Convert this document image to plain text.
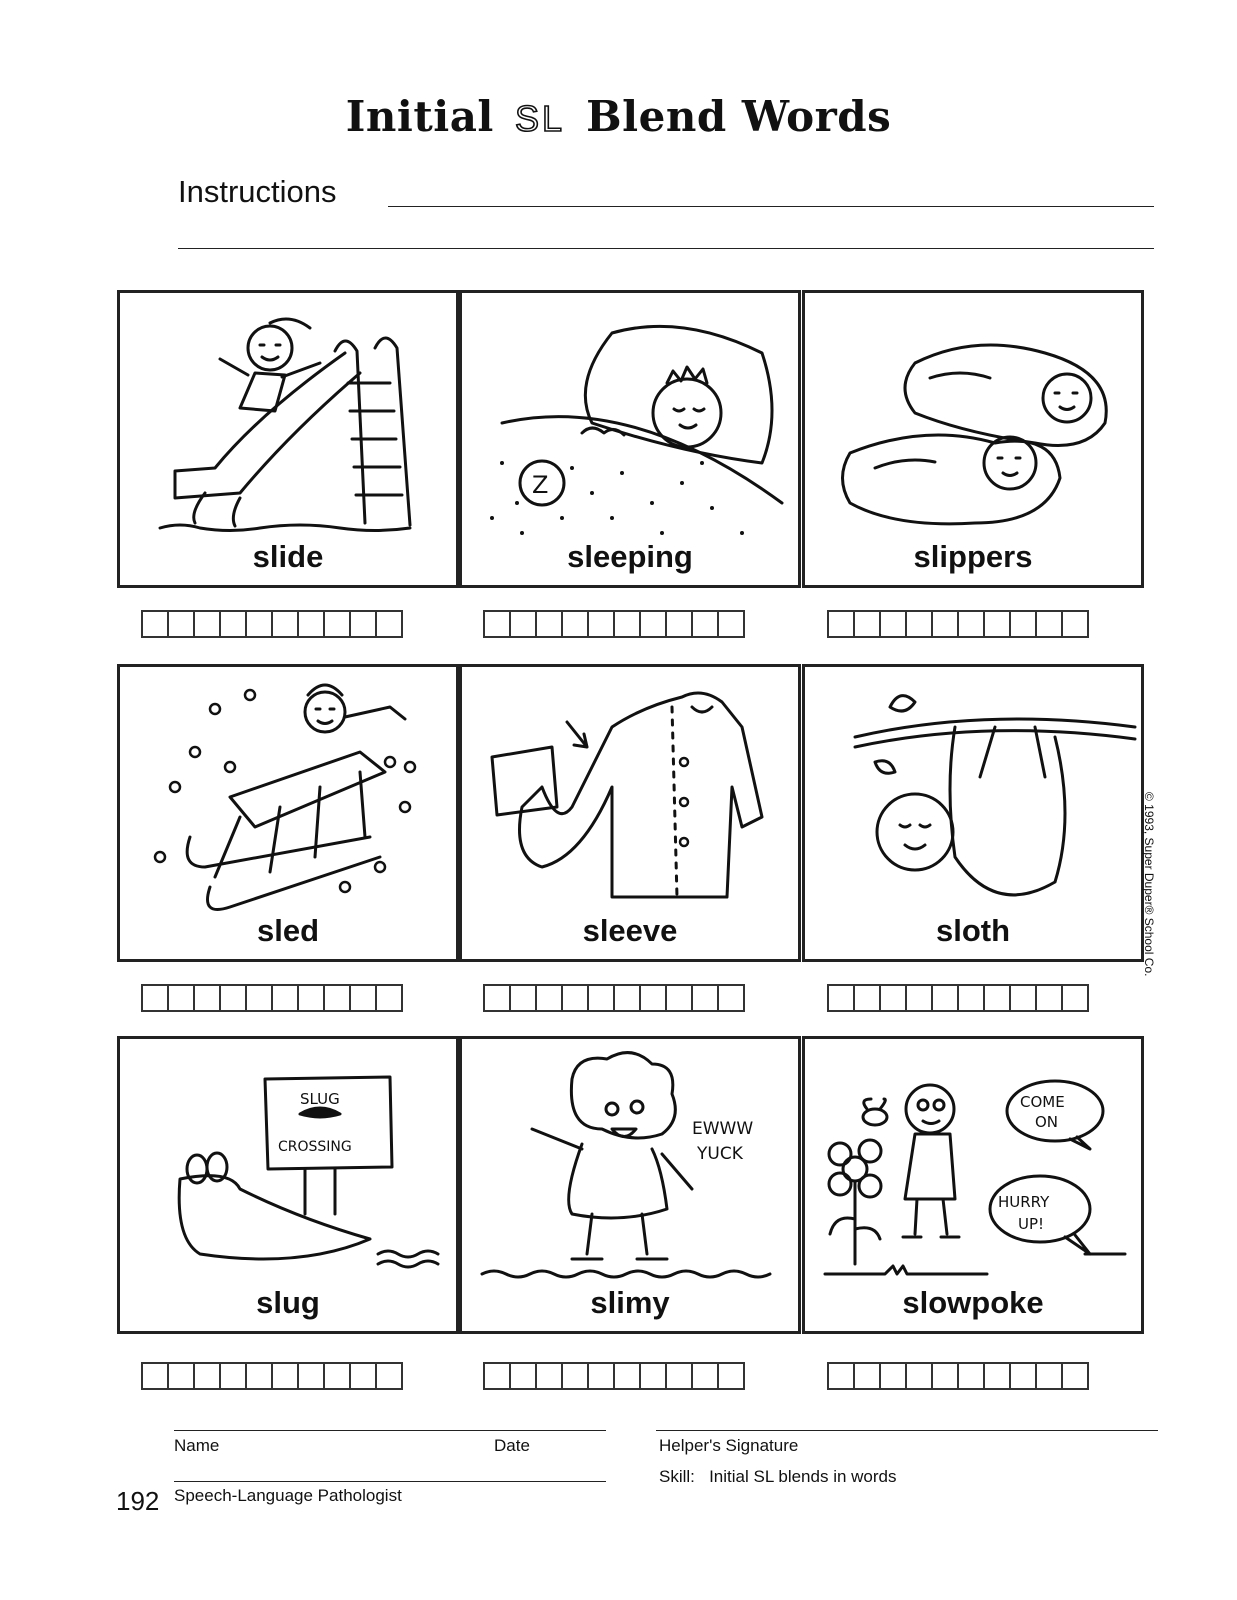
Initial SL Blend Words
Instructions
slide
Z
sleeping	slippers
sled	sleeve	sloth
SLUG
CROSSING
slug
EWWW
YUCK
slimy
COME
ON
HURRY
UP!
slowpoke
© 1993, Super Duper® School Co.
Name	Date	Helper's Signature
Speech-Language Pathologist
Skill: Initial SL blends in words
192
